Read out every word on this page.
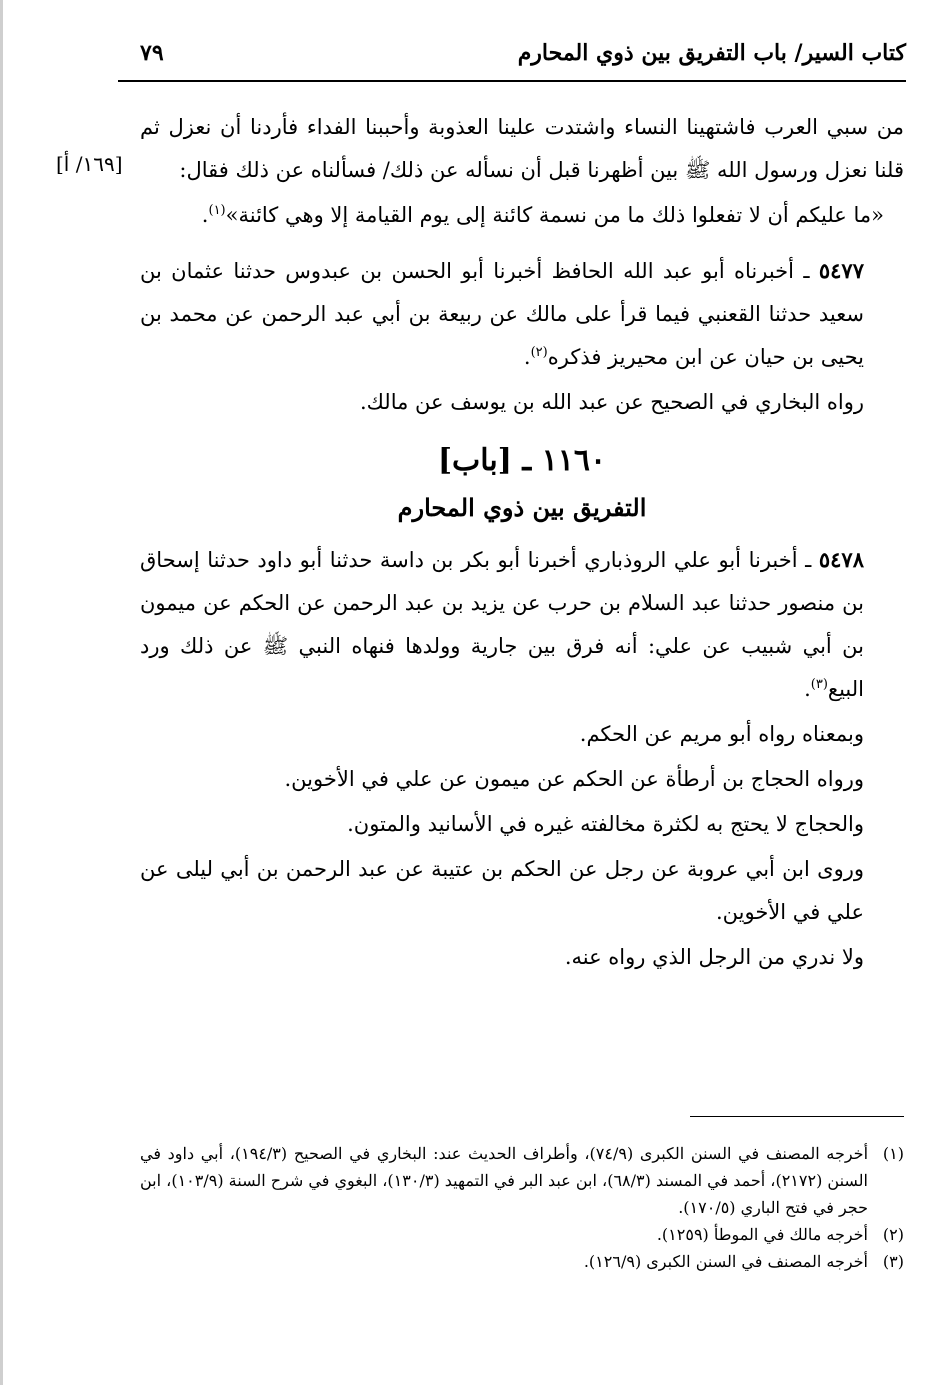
كتاب السير/ باب التفريق بين ذوي المحارم
٧٩
[١٦٩/ أ]

من سبي العرب فاشتهينا النساء واشتدت علينا العذوبة وأحببنا الفداء فأردنا أن نعزل ثم قلنا نعزل ورسول الله ﷺ بين أظهرنا قبل أن نسأله عن ذلك/ فسألناه عن ذلك فقال:

«ما عليكم أن لا تفعلوا ذلك ما من نسمة كائنة إلى يوم القيامة إلا وهي كائنة»$^{(١)}$.

٥٤٧٧ ـ أخبرناه أبو عبد الله الحافظ أخبرنا أبو الحسن بن عبدوس حدثنا عثمان بن سعيد حدثنا القعنبي فيما قرأ على مالك عن ربيعة بن أبي عبد الرحمن عن محمد بن يحيى بن حيان عن ابن محيريز فذكره$^{(٢)}$.

رواه البخاري في الصحيح عن عبد الله بن يوسف عن مالك.

١١٦٠ ـ [باب]
التفريق بين ذوي المحارم

٥٤٧٨ ـ أخبرنا أبو علي الروذباري أخبرنا أبو بكر بن داسة حدثنا أبو داود حدثنا إسحاق بن منصور حدثنا عبد السلام بن حرب عن يزيد بن عبد الرحمن عن الحكم عن ميمون بن أبي شبيب عن علي: أنه فرق بين جارية وولدها فنهاه النبي ﷺ عن ذلك ورد البيع$^{(٣)}$.

وبمعناه رواه أبو مريم عن الحكم.

ورواه الحجاج بن أرطأة عن الحكم عن ميمون عن علي في الأخوين.

والحجاج لا يحتج به لكثرة مخالفته غيره في الأسانيد والمتون.

وروى ابن أبي عروبة عن رجل عن الحكم بن عتيبة عن عبد الرحمن بن أبي ليلى عن علي في الأخوين.

ولا ندري من الرجل الذي رواه عنه.

(١)
أخرجه المصنف في السنن الكبرى (٧٤/٩)، وأطراف الحديث عند: البخاري في الصحيح (١٩٤/٣)، أبي داود في السنن (٢١٧٢)، أحمد في المسند (٦٨/٣)، ابن عبد البر في التمهيد (١٣٠/٣)، البغوي في شرح السنة (١٠٣/٩)، ابن حجر في فتح الباري (١٧٠/٥).
(٢)
أخرجه مالك في الموطأ (١٢٥٩).
(٣)
أخرجه المصنف في السنن الكبرى (١٢٦/٩).
